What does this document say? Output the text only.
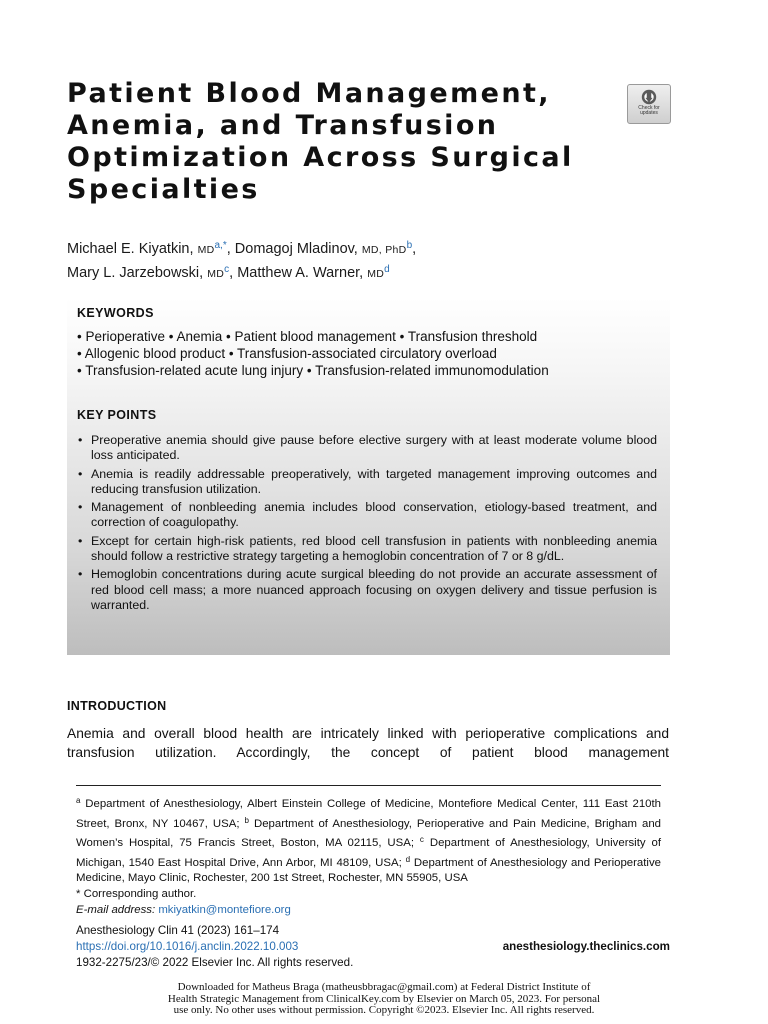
Patient Blood Management,
Anemia, and Transfusion
Optimization Across Surgical
Specialties
Check for
updates
Michael E. Kiyatkin, $MD^{a,*}$, Domagoj Mladinov, MD, PhD$^b$,
Mary L. Jarzebowski, $MD^c$, Matthew A. Warner, $MD^d$
KEYWORDS
• Perioperative • Anemia • Patient blood management • Transfusion threshold
• Allogenic blood product • Transfusion-associated circulatory overload
• Transfusion-related acute lung injury • Transfusion-related immunomodulation
KEY POINTS
• Preoperative anemia should give pause before elective surgery with at least moderate volume blood loss anticipated.
• Anemia is readily addressable preoperatively, with targeted management improving outcomes and reducing transfusion utilization.
• Management of nonbleeding anemia includes blood conservation, etiology-based treatment, and correction of coagulopathy.
• Except for certain high-risk patients, red blood cell transfusion in patients with nonbleeding anemia should follow a restrictive strategy targeting a hemoglobin concentration of 7 or 8 g/dL.
• Hemoglobin concentrations during acute surgical bleeding do not provide an accurate assessment of red blood cell mass; a more nuanced approach focusing on oxygen delivery and tissue perfusion is warranted.
INTRODUCTION

Anemia and overall blood health are intricately linked with perioperative complications and transfusion utilization. Accordingly, the concept of patient blood management

$^a$ Department of Anesthesiology, Albert Einstein College of Medicine, Montefiore Medical Center, 111 East 210th Street, Bronx, NY 10467, USA; $^b$ Department of Anesthesiology, Perioperative and Pain Medicine, Brigham and Women’s Hospital, 75 Francis Street, Boston, MA 02115, USA; $^c$ Department of Anesthesiology, University of Michigan, 1540 East Hospital Drive, Ann Arbor, MI 48109, USA; $^d$ Department of Anesthesiology and Perioperative Medicine, Mayo Clinic, Rochester, 200 1st Street, Rochester, MN 55905, USA
* Corresponding author.
E-mail address: mkiyatkin@montefiore.org
Anesthesiology Clin 41 (2023) 161–174
https://doi.org/10.1016/j.anclin.2022.10.003
1932-2275/23/© 2022 Elsevier Inc. All rights reserved.
anesthesiology.theclinics.com
Downloaded for Matheus Braga (matheusbbragac@gmail.com) at Federal District Institute of
Health Strategic Management from ClinicalKey.com by Elsevier on March 05, 2023. For personal
use only. No other uses without permission. Copyright ©2023. Elsevier Inc. All rights reserved.
